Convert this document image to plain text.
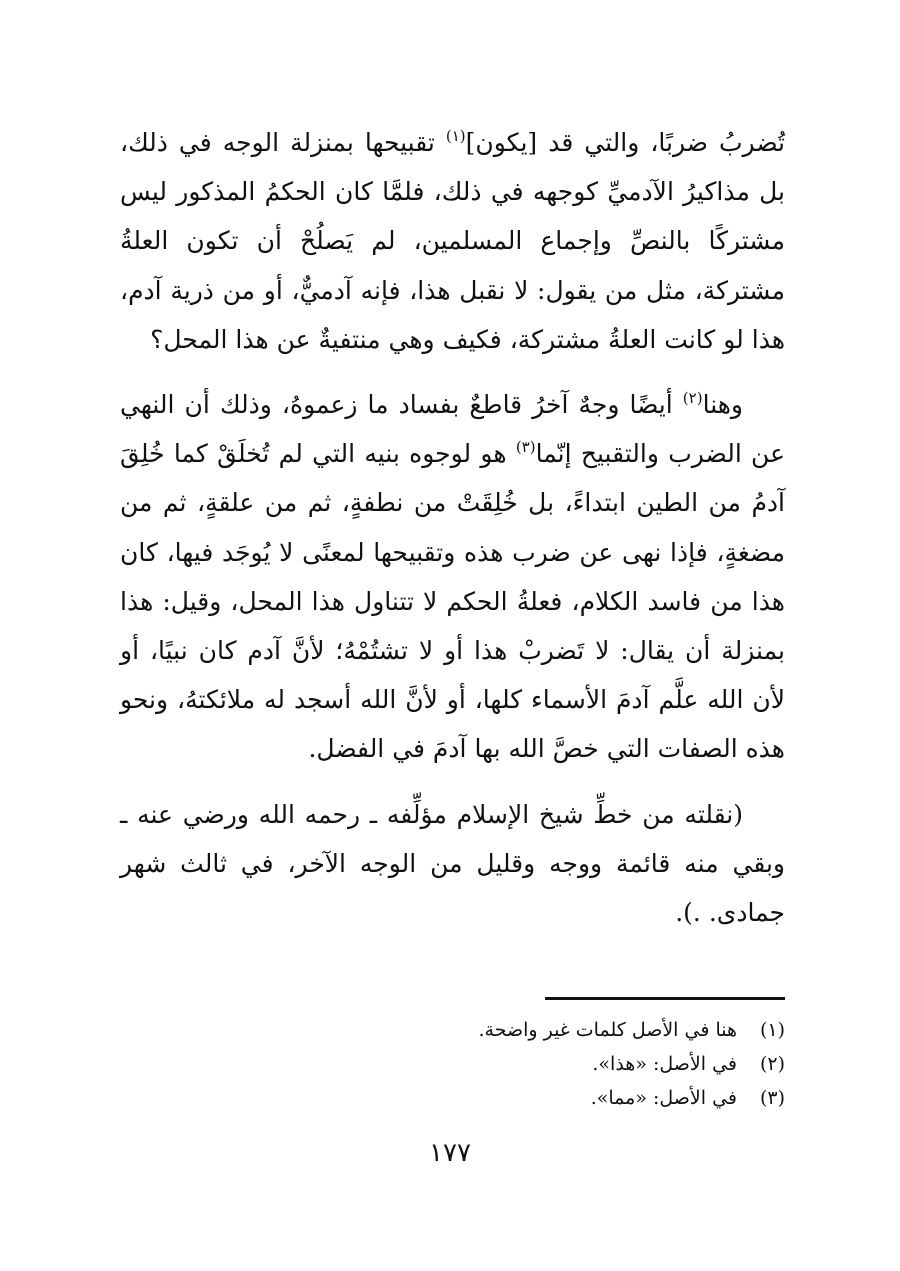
تُضربُ ضربًا، والتي قد [يكون]$^{(١)}$ تقبيحها بمنزلة الوجه في ذلك، بل مذاكيرُ الآدميِّ كوجهه في ذلك، فلمَّا كان الحكمُ المذكور ليس مشتركًا بالنصِّ وإجماع المسلمين، لم يَصلُحْ أن تكون العلةُ مشتركة، مثل من يقول: لا نقبل هذا، فإنه آدميٌّ، أو من ذرية آدم، هذا لو كانت العلةُ مشتركة، فكيف وهي منتفيةٌ عن هذا المحل؟

وهنا$^{(٢)}$ أيضًا وجهٌ آخرُ قاطعٌ بفساد ما زعموهُ، وذلك أن النهي عن الضرب والتقبيح إنّما$^{(٣)}$ هو لوجوه بنيه التي لم تُخلَقْ كما خُلِقَ آدمُ من الطين ابتداءً، بل خُلِقَتْ من نطفةٍ، ثم من علقةٍ، ثم من مضغةٍ، فإذا نهى عن ضرب هذه وتقبيحها لمعنًى لا يُوجَد فيها، كان هذا من فاسد الكلام، فعلةُ الحكم لا تتناول هذا المحل، وقيل: هذا بمنزلة أن يقال: لا تَضربْ هذا أو لا تشتُمْهُ؛ لأنَّ آدم كان نبيًا، أو لأن الله علَّم آدمَ الأسماء كلها، أو لأنَّ الله أسجد له ملائكتهُ، ونحو هذه الصفات التي خصَّ الله بها آدمَ في الفضل.

(نقلته من خطِّ شيخ الإسلام مؤلِّفه ـ رحمه الله ورضي عنه ـ وبقي منه قائمة ووجه وقليل من الوجه الآخر، في ثالث شهر جمادى. .).

(١)
هنا في الأصل كلمات غير واضحة.
(٢)
في الأصل: «هذا».
(٣)
في الأصل: «مما».
١٧٧
